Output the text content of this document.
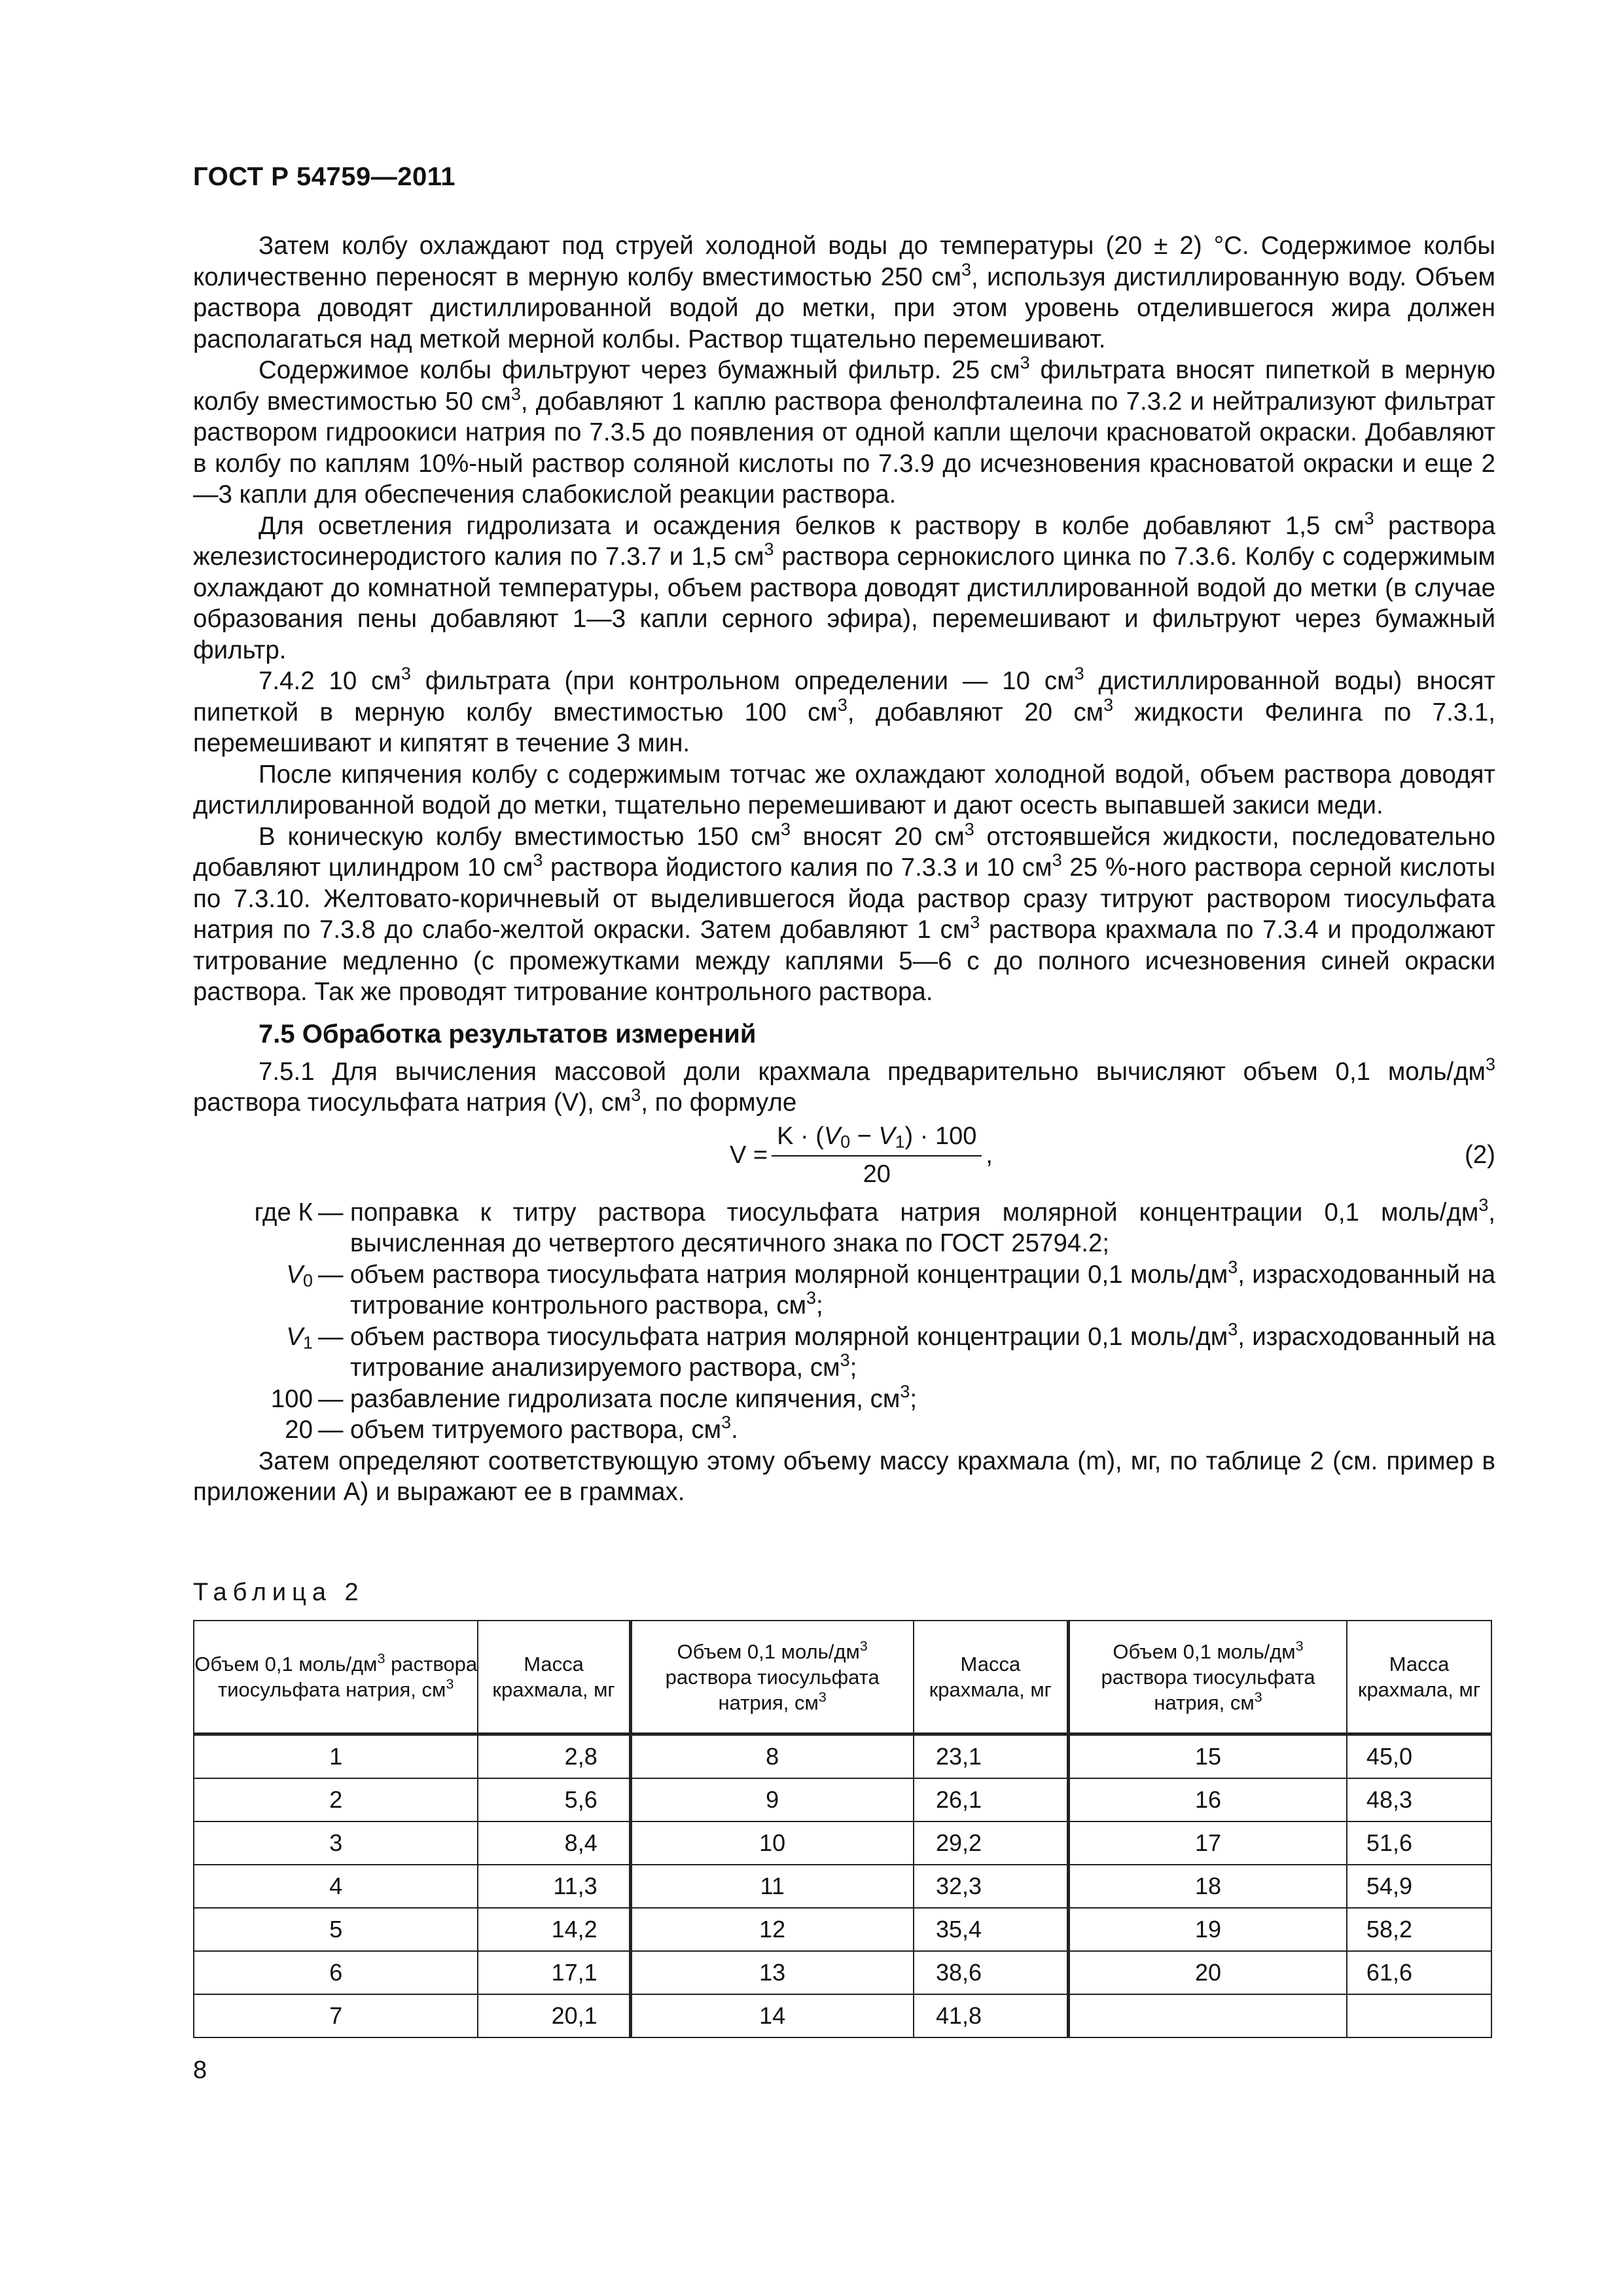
ГОСТ Р 54759—2011

Затем колбу охлаждают под струей холодной воды до температуры (20 ± 2) °С. Содержимое колбы количественно переносят в мерную колбу вместимостью 250 $см^3$, используя дистиллированную воду. Объем раствора доводят дистиллированной водой до метки, при этом уровень отделившегося жира должен располагаться над меткой мерной колбы. Раствор тщательно перемешивают.

Содержимое колбы фильтруют через бумажный фильтр. 25 $см^3$ фильтрата вносят пипеткой в мерную колбу вместимостью 50 $см^3$, добавляют 1 каплю раствора фенолфталеина по 7.3.2 и нейтрализуют фильтрат раствором гидроокиси натрия по 7.3.5 до появления от одной капли щелочи красноватой окраски. Добавляют в колбу по каплям 10%-ный раствор соляной кислоты по 7.3.9 до исчезновения красноватой окраски и еще 2—3 капли для обеспечения слабокислой реакции раствора.

Для осветления гидролизата и осаждения белков к раствору в колбе добавляют 1,5 $см^3$ раствора железистосинеродистого калия по 7.3.7 и 1,5 $см^3$ раствора сернокислого цинка по 7.3.6. Колбу с содержимым охлаждают до комнатной температуры, объем раствора доводят дистиллированной водой до метки (в случае образования пены добавляют 1—3 капли серного эфира), перемешивают и фильтруют через бумажный фильтр.

7.4.2 10 $см^3$ фильтрата (при контрольном определении — 10 $см^3$ дистиллированной воды) вносят пипеткой в мерную колбу вместимостью 100 $см^3$, добавляют 20 $см^3$ жидкости Фелинга по 7.3.1, перемешивают и кипятят в течение 3 мин.

После кипячения колбу с содержимым тотчас же охлаждают холодной водой, объем раствора доводят дистиллированной водой до метки, тщательно перемешивают и дают осесть выпавшей закиси меди.

В коническую колбу вместимостью 150 $см^3$ вносят 20 $см^3$ отстоявшейся жидкости, последовательно добавляют цилиндром 10 $см^3$ раствора йодистого калия по 7.3.3 и 10 $см^3$ 25 %-ного раствора серной кислоты по 7.3.10. Желтовато-коричневый от выделившегося йода раствор сразу титруют раствором тиосульфата натрия по 7.3.8 до слабо-желтой окраски. Затем добавляют 1 $см^3$ раствора крахмала по 7.3.4 и продолжают титрование медленно (с промежутками между каплями 5—6 с до полного исчезновения синей окраски раствора. Так же проводят титрование контрольного раствора.

7.5 Обработка результатов измерений

7.5.1 Для вычисления массовой доли крахмала предварительно вычисляют объем 0,1 моль/$дм^3$ раствора тиосульфата натрия (V), $см^3$, по формуле

$V = \frac{K \cdot (V_0 - V_1) \cdot 100}{20}$ ,	(2)
где К — поправка к титру раствора тиосульфата натрия молярной концентрации 0,1 моль/$дм^3$, вычисленная до четвертого десятичного знака по ГОСТ 25794.2;
$V_0$ — объем раствора тиосульфата натрия молярной концентрации 0,1 моль/$дм^3$, израсходованный на титрование контрольного раствора, $см^3$;
$V_1$ — объем раствора тиосульфата натрия молярной концентрации 0,1 моль/$дм^3$, израсходованный на титрование анализируемого раствора, $см^3$;
100 — разбавление гидролизата после кипячения, $см^3$;
20 — объем титруемого раствора, $см^3$.

Затем определяют соответствующую этому объему массу крахмала (m), мг, по таблице 2 (см. пример в приложении А) и выражают ее в граммах.

Таблица 2
Объем 0,1 моль/$дм^3$ раствора тиосульфата натрия, $см^3$	Масса крахмала, мг	Объем 0,1 моль/$дм^3$ раствора тиосульфата натрия, $см^3$	Масса крахмала, мг	Объем 0,1 моль/$дм^3$ раствора тиосульфата натрия, $см^3$	Масса крахмала, мг
1	2,8	8	23,1	15	45,0
2	5,6	9	26,1	16	48,3
3	8,4	10	29,2	17	51,6
4	11,3	11	32,3	18	54,9
5	14,2	12	35,4	19	58,2
6	17,1	13	38,6	20	61,6
7	20,1	14	41,8		
8
